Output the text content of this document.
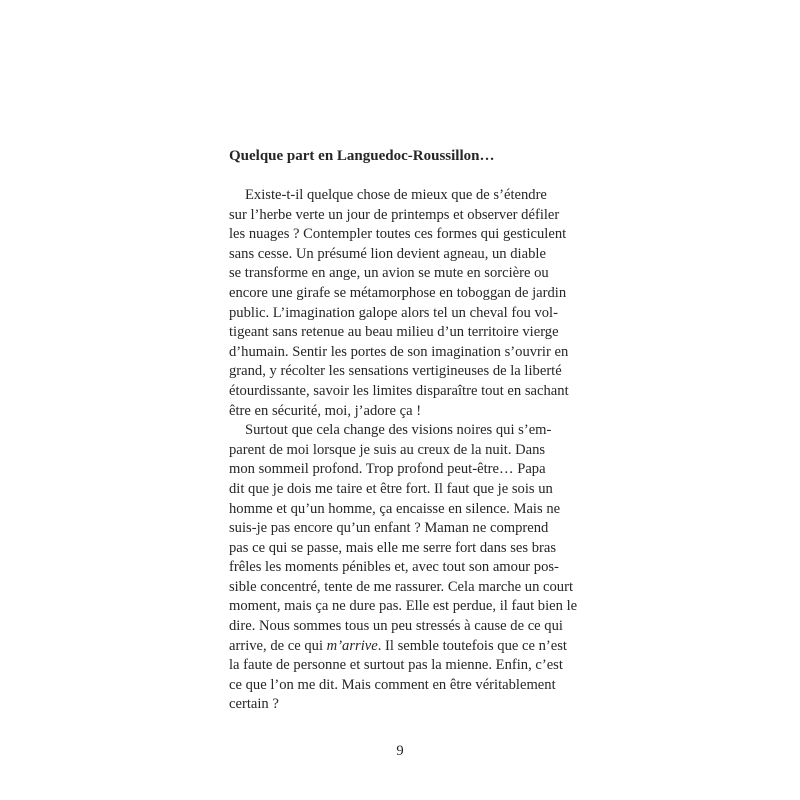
Quelque part en Languedoc-Roussillon…
Existe-t-il quelque chose de mieux que de s’étendre
sur l’herbe verte un jour de printemps et observer défiler
les nuages ? Contempler toutes ces formes qui gesticulent
sans cesse. Un présumé lion devient agneau, un diable
se transforme en ange, un avion se mute en sorcière ou
encore une girafe se métamorphose en toboggan de jardin
public. L’imagination galope alors tel un cheval fou vol-
tigeant sans retenue au beau milieu d’un territoire vierge
d’humain. Sentir les portes de son imagination s’ouvrir en
grand, y récolter les sensations vertigineuses de la liberté
étourdissante, savoir les limites disparaître tout en sachant
être en sécurité, moi, j’adore ça !
Surtout que cela change des visions noires qui s’em-
parent de moi lorsque je suis au creux de la nuit. Dans
mon sommeil profond. Trop profond peut-être… Papa
dit que je dois me taire et être fort. Il faut que je sois un
homme et qu’un homme, ça encaisse en silence. Mais ne
suis-je pas encore qu’un enfant ? Maman ne comprend
pas ce qui se passe, mais elle me serre fort dans ses bras
frêles les moments pénibles et, avec tout son amour pos-
sible concentré, tente de me rassurer. Cela marche un court
moment, mais ça ne dure pas. Elle est perdue, il faut bien le
dire. Nous sommes tous un peu stressés à cause de ce qui
arrive, de ce qui m’arrive. Il semble toutefois que ce n’est
la faute de personne et surtout pas la mienne. Enfin, c’est
ce que l’on me dit. Mais comment en être véritablement
certain ?
9
